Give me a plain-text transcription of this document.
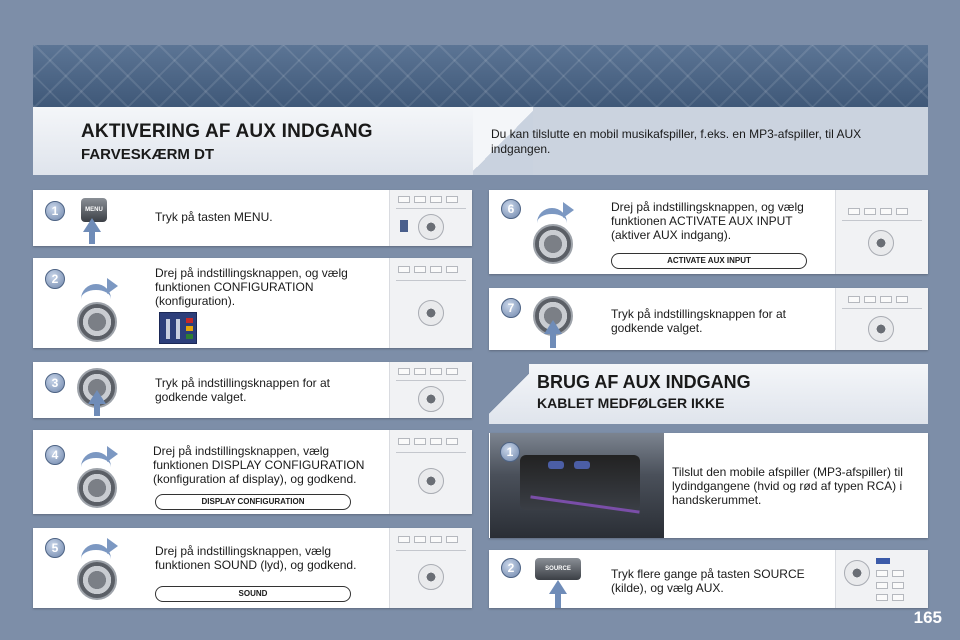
AKTIVERING AF AUX INDGANG
FARVESKÆRM DT
Du kan tilslutte en mobil musikafspiller, f.eks. en MP3-afspiller, til AUX indgangen.
1	MENU	Tryk på tasten MENU.
2	Drej på indstillingsknappen, og vælg funktionen CONFIGURATION (konfiguration).
3	Tryk på indstillingsknappen for at godkende valget.
4	Drej på indstillingsknappen, vælg funktionen DISPLAY CONFIGURATION (konfiguration af display), og godkend.
DISPLAY CONFIGURATION
5	Drej på indstillingsknappen, vælg funktionen SOUND (lyd), og godkend.
SOUND
6	Drej på indstillingsknappen, og vælg funktionen ACTIVATE AUX INPUT (aktiver AUX indgang).
ACTIVATE AUX INPUT
7	Tryk på indstillingsknappen for at godkende valget.
BRUG AF AUX INDGANG
KABLET MEDFØLGER IKKE
1
Tilslut den mobile afspiller (MP3-afspiller) til lydindgangene (hvid og rød af typen RCA) i handskerummet.
2	SOURCE	Tryk flere gange på tasten SOURCE (kilde), og vælg AUX.
165
